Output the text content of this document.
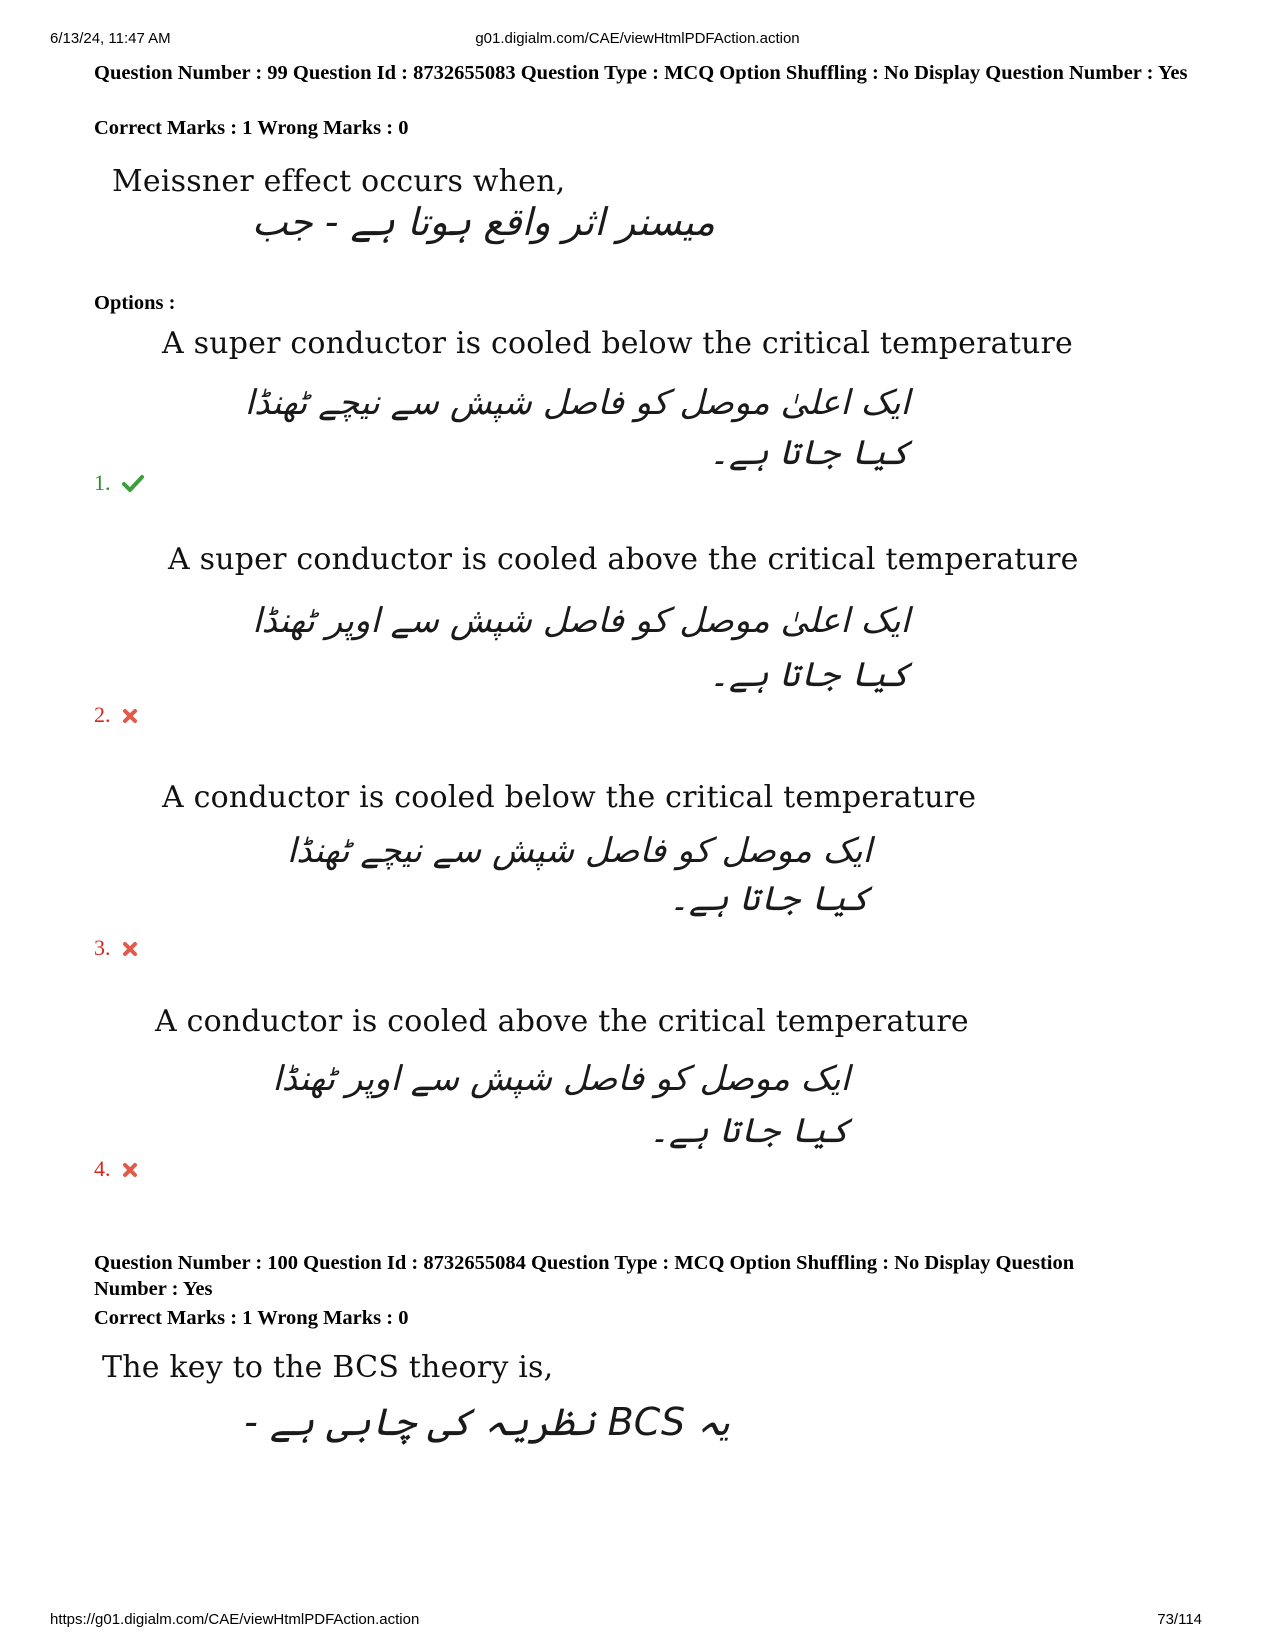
6/13/24, 11:47 AM	g01.digialm.com/CAE/viewHtmlPDFAction.action
Question Number : 99 Question Id : 8732655083 Question Type : MCQ Option Shuffling : No Display Question Number : Yes
Correct Marks : 1 Wrong Marks : 0
Meissner effect occurs when,
میسنر اثر واقع ہوتا ہے - جب
Options :
A super conductor is cooled below the critical temperature
ایک اعلیٰ موصل کو فاصل شپش سے نیچے ٹھنڈا
کیا جاتا ہے۔
1.
A super conductor is cooled above the critical temperature
ایک اعلیٰ موصل کو فاصل شپش سے اوپر ٹھنڈا
کیا جاتا ہے۔
2.
A conductor is cooled below the critical temperature
ایک موصل کو فاصل شپش سے نیچے ٹھنڈا
کیا جاتا ہے۔
3.
A conductor is cooled above the critical temperature
ایک موصل کو فاصل شپش سے اوپر ٹھنڈا
کیا جاتا ہے۔
4.
Question Number : 100 Question Id : 8732655084 Question Type : MCQ Option Shuffling : No Display Question Number : Yes
Correct Marks : 1 Wrong Marks : 0
The key to the BCS theory is,
یہ BCS نظریہ کی چابی ہے -
https://g01.digialm.com/CAE/viewHtmlPDFAction.action	73/114
